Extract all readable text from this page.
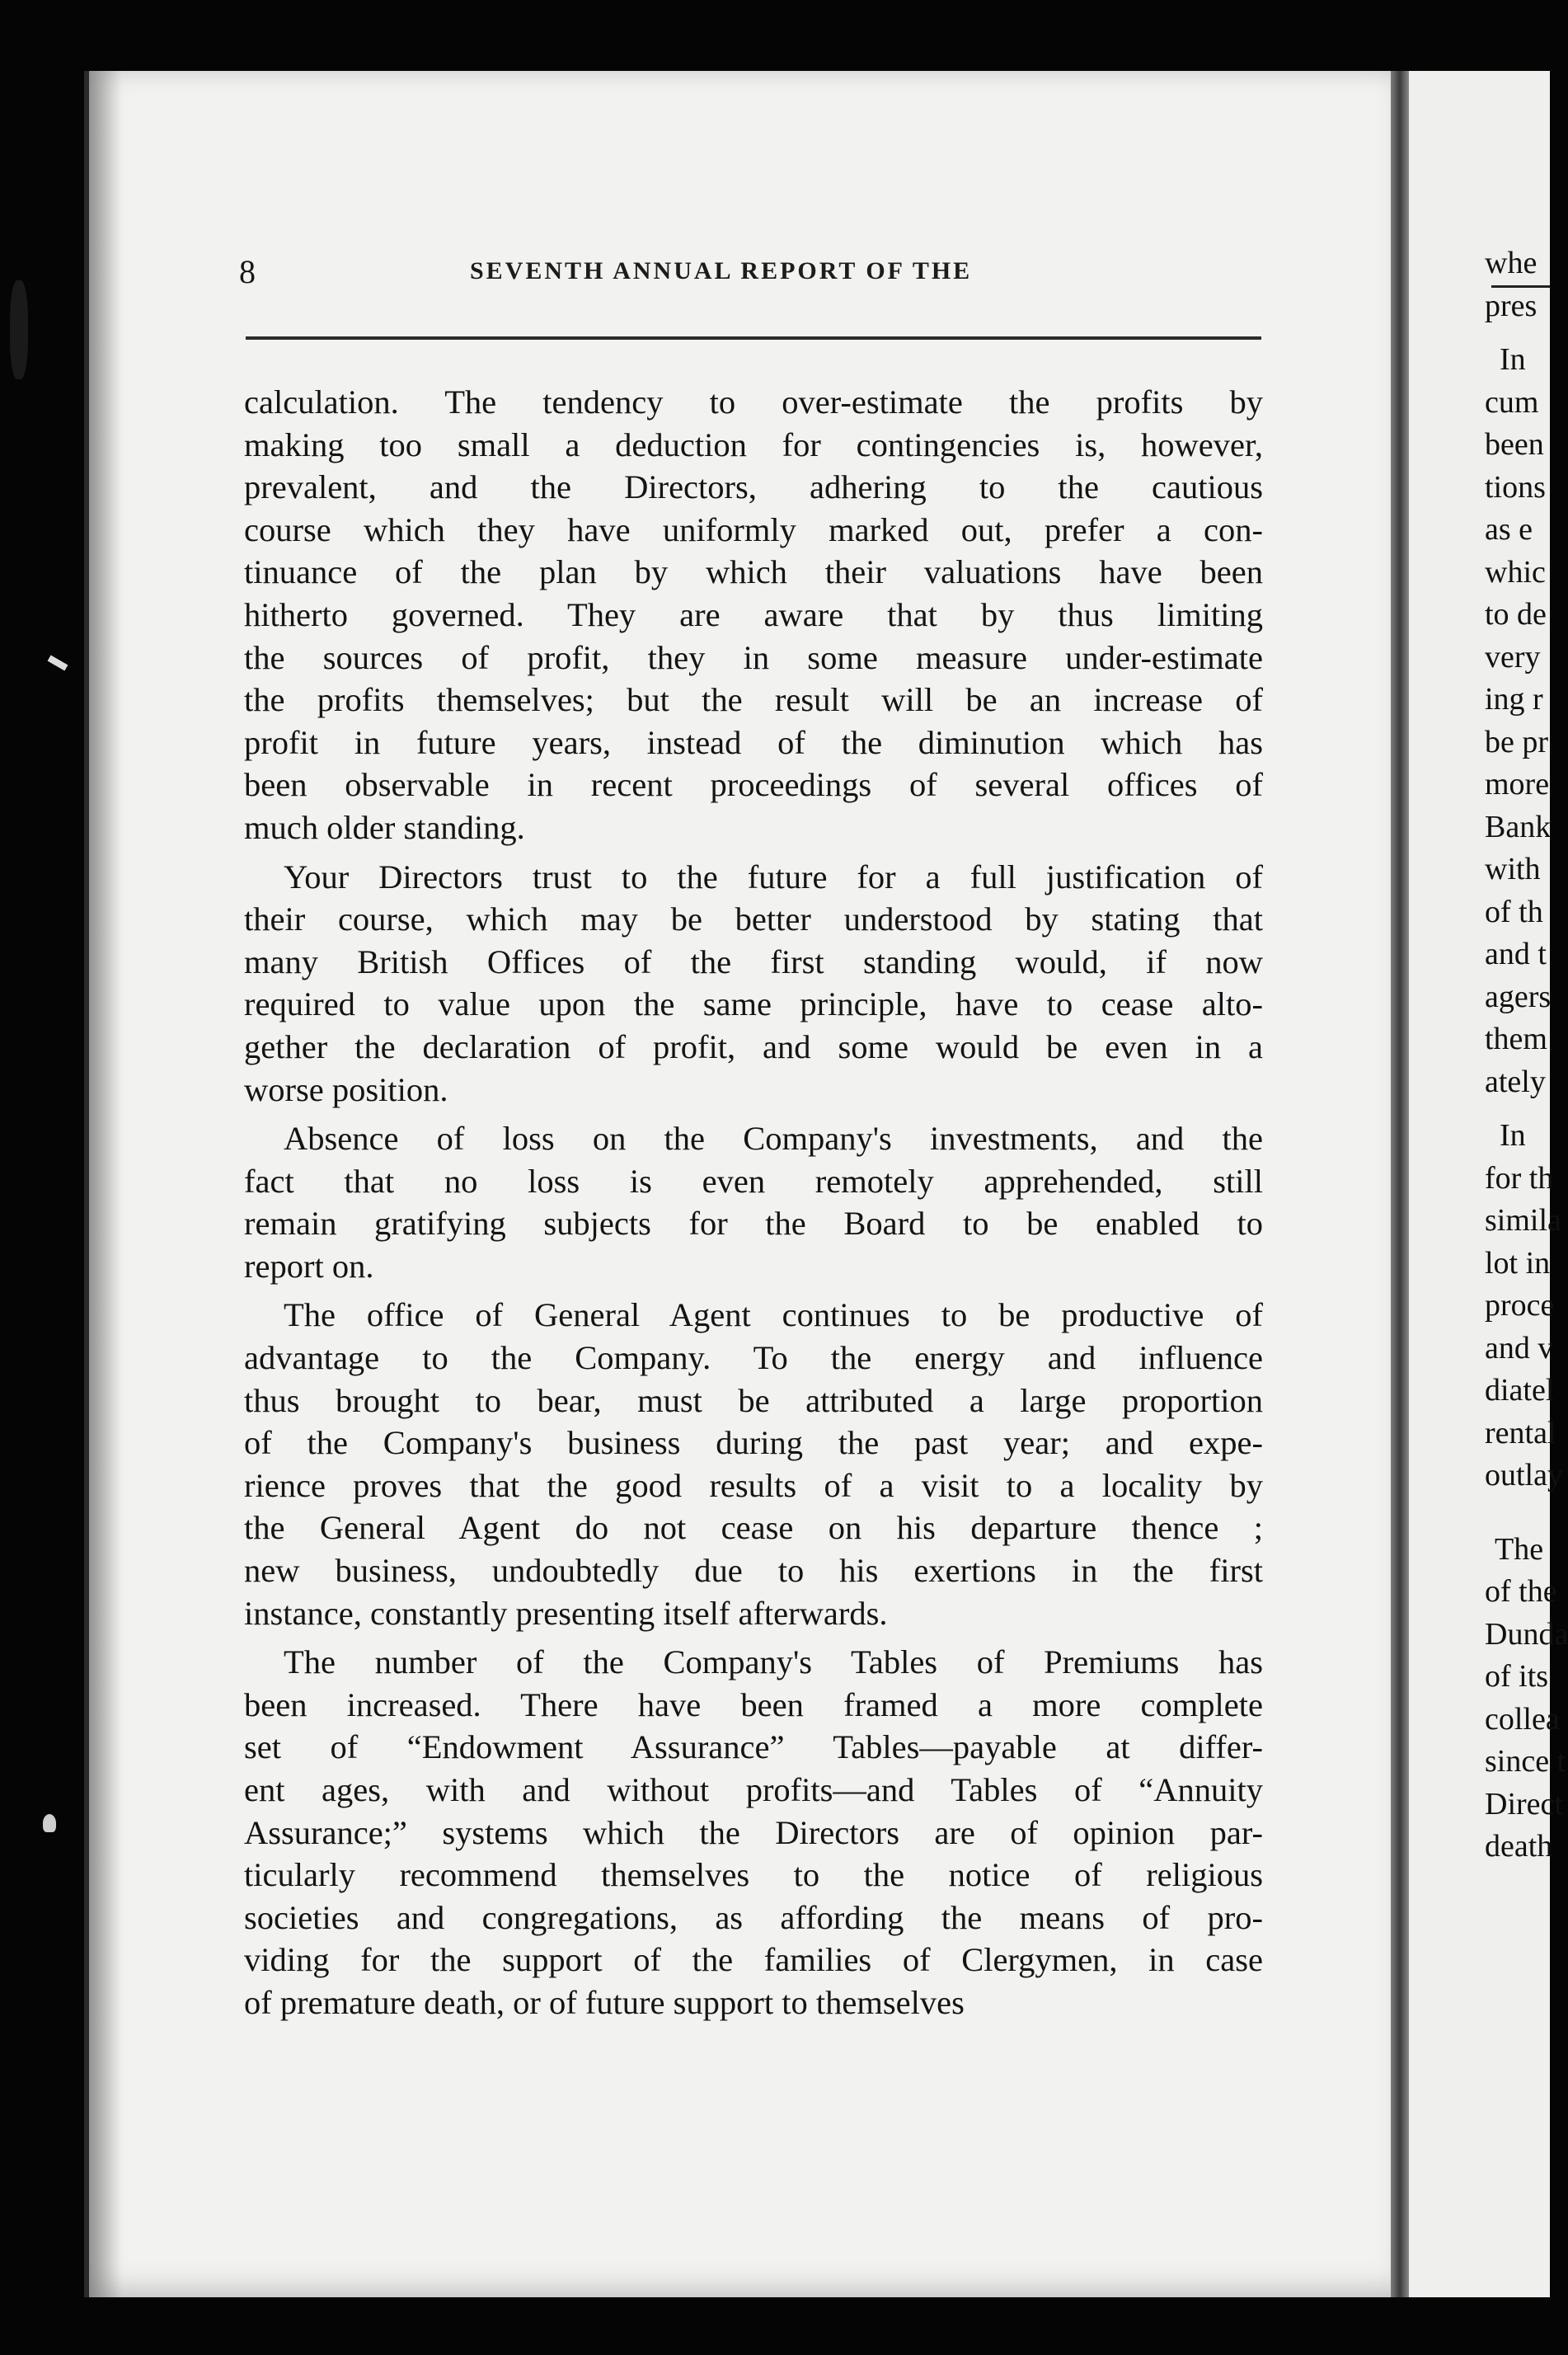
whe
pres
In
cum
been
tions
as e
whic
to de
very
ing r
be pr
more
Bank
with
of th
and t
agers
them
ately
In
for th
simila
lot in
proce
and v
diatel
rental
outlay
The
of the
Dunda
of its
collea
since t
Direct
death
8	SEVENTH ANNUAL REPORT OF THE

calculation. The tendency to over-estimate the profits by
making too small a deduction for contingencies is, however,
prevalent, and the Directors, adhering to the cautious
course which they have uniformly marked out, prefer a con-
tinuance of the plan by which their valuations have been
hitherto governed. They are aware that by thus limiting
the sources of profit, they in some measure under-estimate
the profits themselves; but the result will be an increase of
profit in future years, instead of the diminution which has
been observable in recent proceedings of several offices of
much older standing.

Your Directors trust to the future for a full justification of
their course, which may be better understood by stating that
many British Offices of the first standing would, if now
required to value upon the same principle, have to cease alto-
gether the declaration of profit, and some would be even in a
worse position.

Absence of loss on the Company's investments, and the
fact that no loss is even remotely apprehended, still
remain gratifying subjects for the Board to be enabled to
report on.

The office of General Agent continues to be productive of
advantage to the Company. To the energy and influence
thus brought to bear, must be attributed a large proportion
of the Company's business during the past year; and expe-
rience proves that the good results of a visit to a locality by
the General Agent do not cease on his departure thence ;
new business, undoubtedly due to his exertions in the first
instance, constantly presenting itself afterwards.

The number of the Company's Tables of Premiums has
been increased. There have been framed a more complete
set of “Endowment Assurance” Tables—payable at differ-
ent ages, with and without profits—and Tables of “Annuity
Assurance;” systems which the Directors are of opinion par-
ticularly recommend themselves to the notice of religious
societies and congregations, as affording the means of pro-
viding for the support of the families of Clergymen, in case
of premature death, or of future support to themselves
